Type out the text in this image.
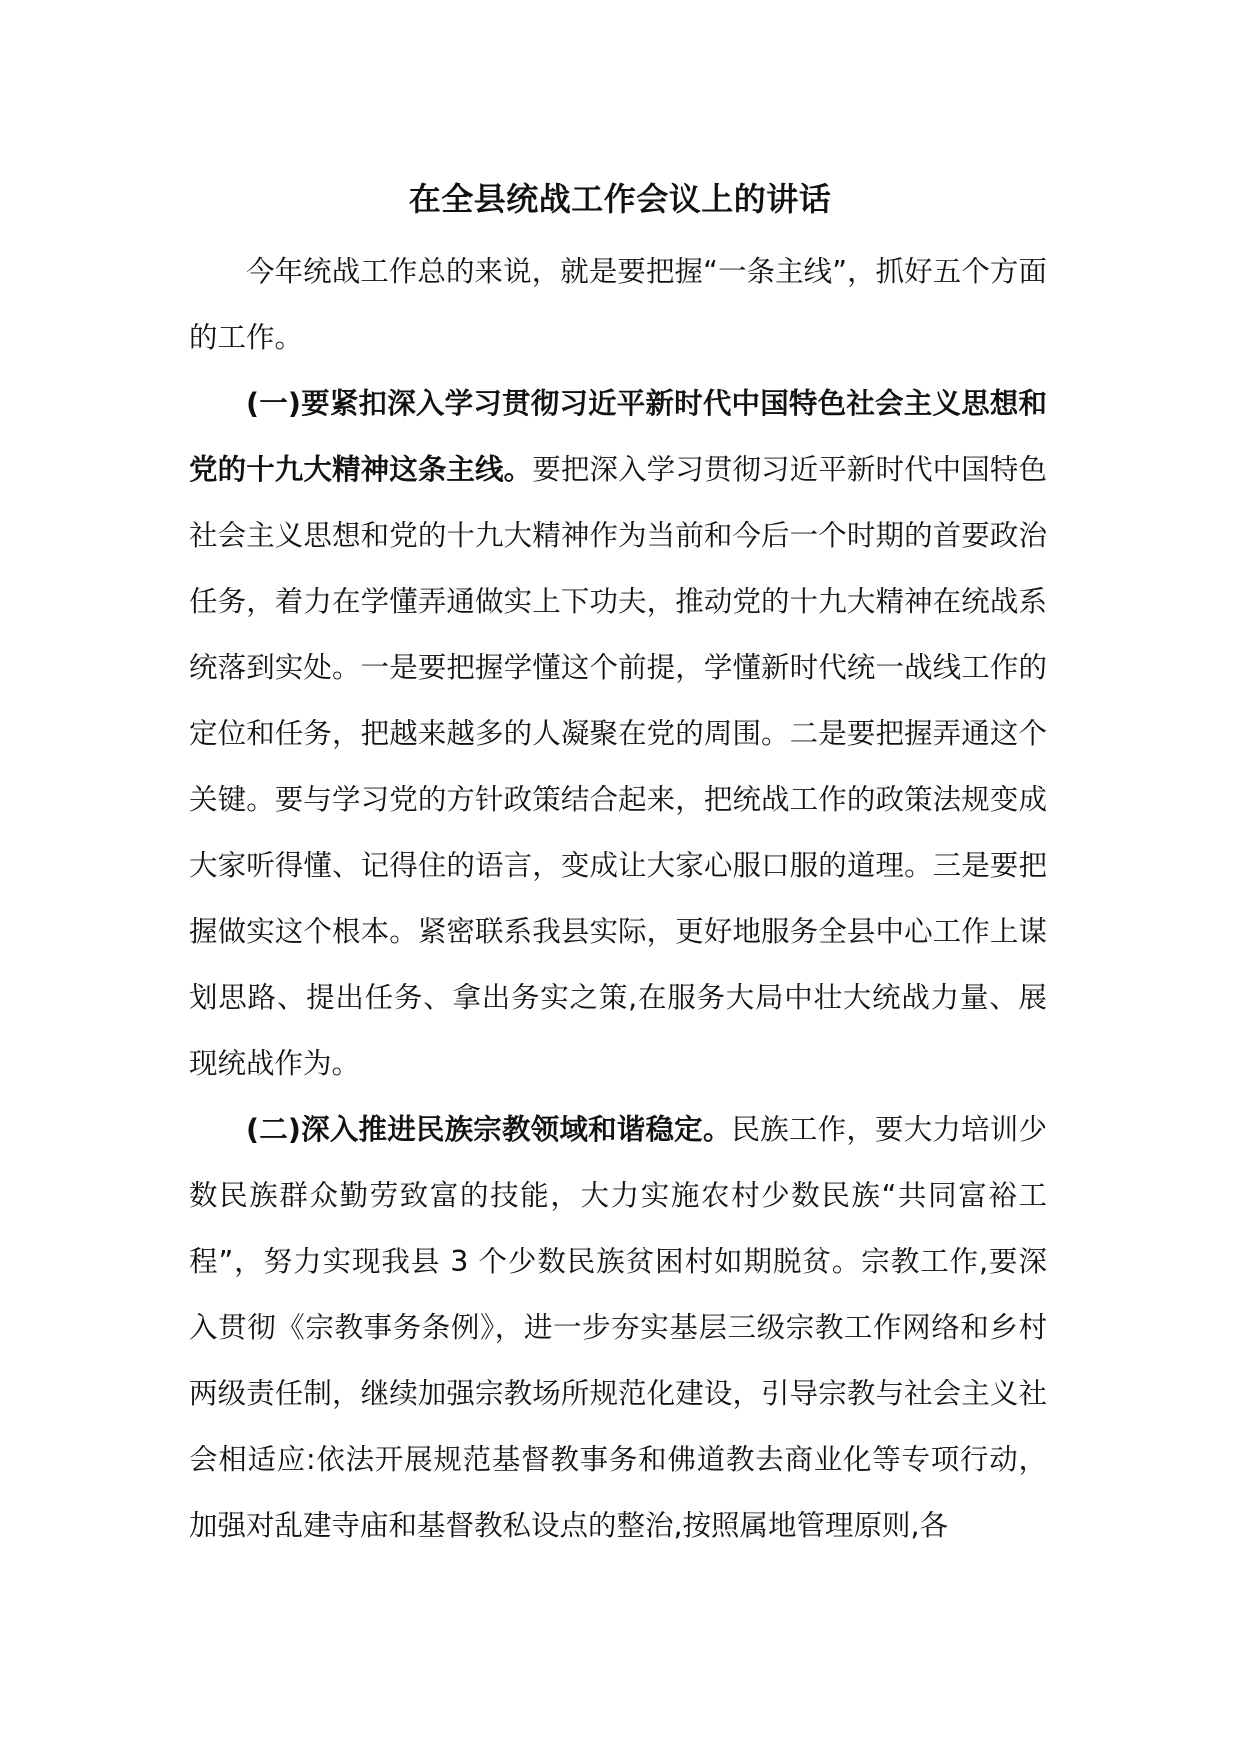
在全县统战工作会议上的讲话

今年统战工作总的来说，就是要把握“一条主线”，抓好五个方面的工作。

(一)要紧扣深入学习贯彻习近平新时代中国特色社会主义思想和党的十九大精神这条主线。要把深入学习贯彻习近平新时代中国特色社会主义思想和党的十九大精神作为当前和今后一个时期的首要政治任务，着力在学懂弄通做实上下功夫，推动党的十九大精神在统战系统落到实处。一是要把握学懂这个前提，学懂新时代统一战线工作的定位和任务，把越来越多的人凝聚在党的周围。二是要把握弄通这个关键。要与学习党的方针政策结合起来，把统战工作的政策法规变成大家听得懂、记得住的语言，变成让大家心服口服的道理。三是要把握做实这个根本。紧密联系我县实际，更好地服务全县中心工作上谋划思路、提出任务、拿出务实之策,在服务大局中壮大统战力量、展现统战作为。

(二)深入推进民族宗教领域和谐稳定。民族工作，要大力培训少数民族群众勤劳致富的技能，大力实施农村少数民族“共同富裕工程”，努力实现我县 3 个少数民族贫困村如期脱贫。宗教工作,要深入贯彻《宗教事务条例》，进一步夯实基层三级宗教工作网络和乡村两级责任制，继续加强宗教场所规范化建设，引导宗教与社会主义社会相适应:依法开展规范基督教事务和佛道教去商业化等专项行动，加强对乱建寺庙和基督教私设点的整治,按照属地管理原则,各
